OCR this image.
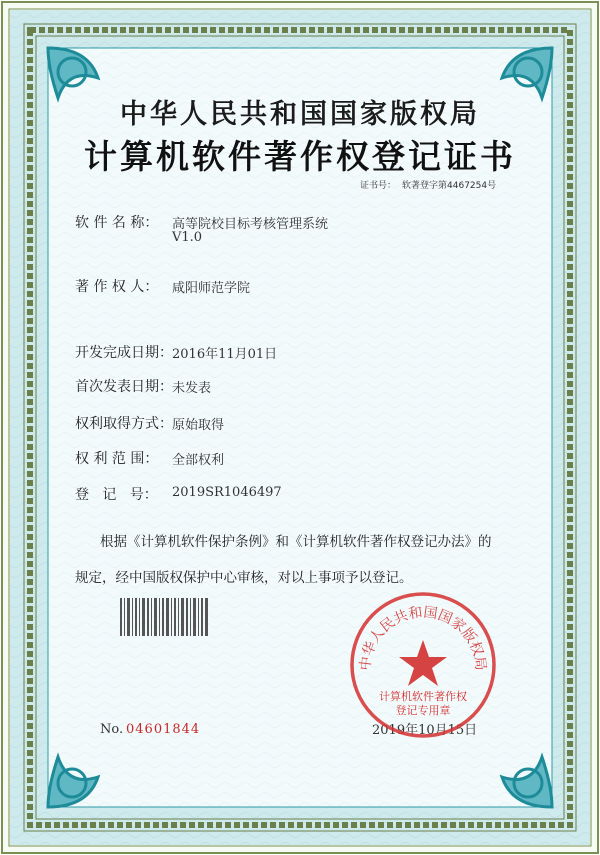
中华人民共和国国家版权局
计算机软件著作权登记证书
证书号： 软著登字第4467254号
软 件 名 称： 高等院校目标考核管理系统
V1.0
著 作 权 人： 咸阳师范学院
开发完成日期： 2016年11月01日
首次发表日期： 未发表
权利取得方式： 原始取得
权 利 范 围： 全部权利
登   记   号： 2019SR1046497
根据《计算机软件保护条例》和《计算机软件著作权登记办法》的
规定，经中国版权保护中心审核，对以上事项予以登记。
No. 04601844	2019年10月15日
中华人民共和国国家版权局
计算机软件著作权
登记专用章
